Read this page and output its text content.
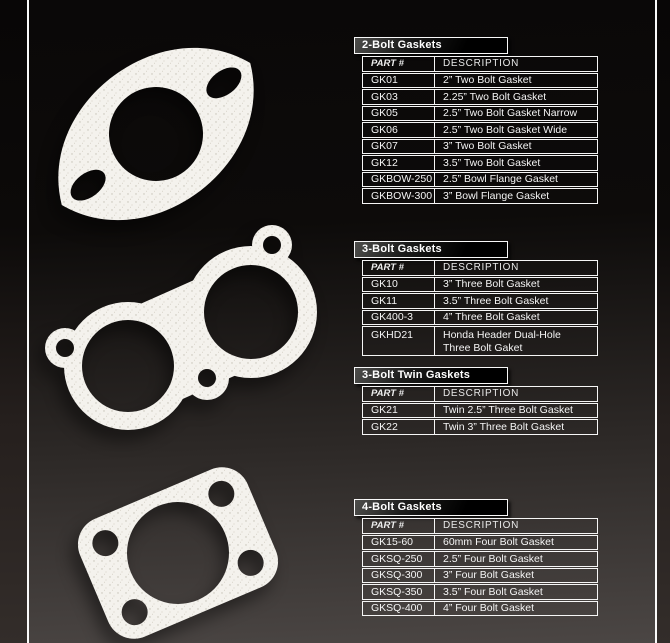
2-Bolt Gaskets
PART #	DESCRIPTION
GK01	2” Two Bolt Gasket
GK03	2.25” Two Bolt Gasket
GK05	2.5” Two Bolt Gasket Narrow
GK06	2.5” Two Bolt Gasket Wide
GK07	3” Two Bolt Gasket
GK12	3.5” Two Bolt Gasket
GKBOW-250	2.5” Bowl Flange Gasket
GKBOW-300	3” Bowl Flange Gasket
3-Bolt Gaskets
PART #	DESCRIPTION
GK10	3” Three Bolt Gasket
GK11	3.5” Three Bolt Gasket
GK400-3	4” Three Bolt Gasket
GKHD21	Honda Header Dual-Hole
Three Bolt Gaket
3-Bolt Twin Gaskets
PART #	DESCRIPTION
GK21	Twin 2.5” Three Bolt Gasket
GK22	Twin 3” Three Bolt Gasket
4-Bolt Gaskets
PART #	DESCRIPTION
GK15-60	60mm Four Bolt Gasket
GKSQ-250	2.5” Four Bolt Gasket
GKSQ-300	3” Four Bolt Gasket
GKSQ-350	3.5” Four Bolt Gasket
GKSQ-400	4” Four Bolt Gasket
